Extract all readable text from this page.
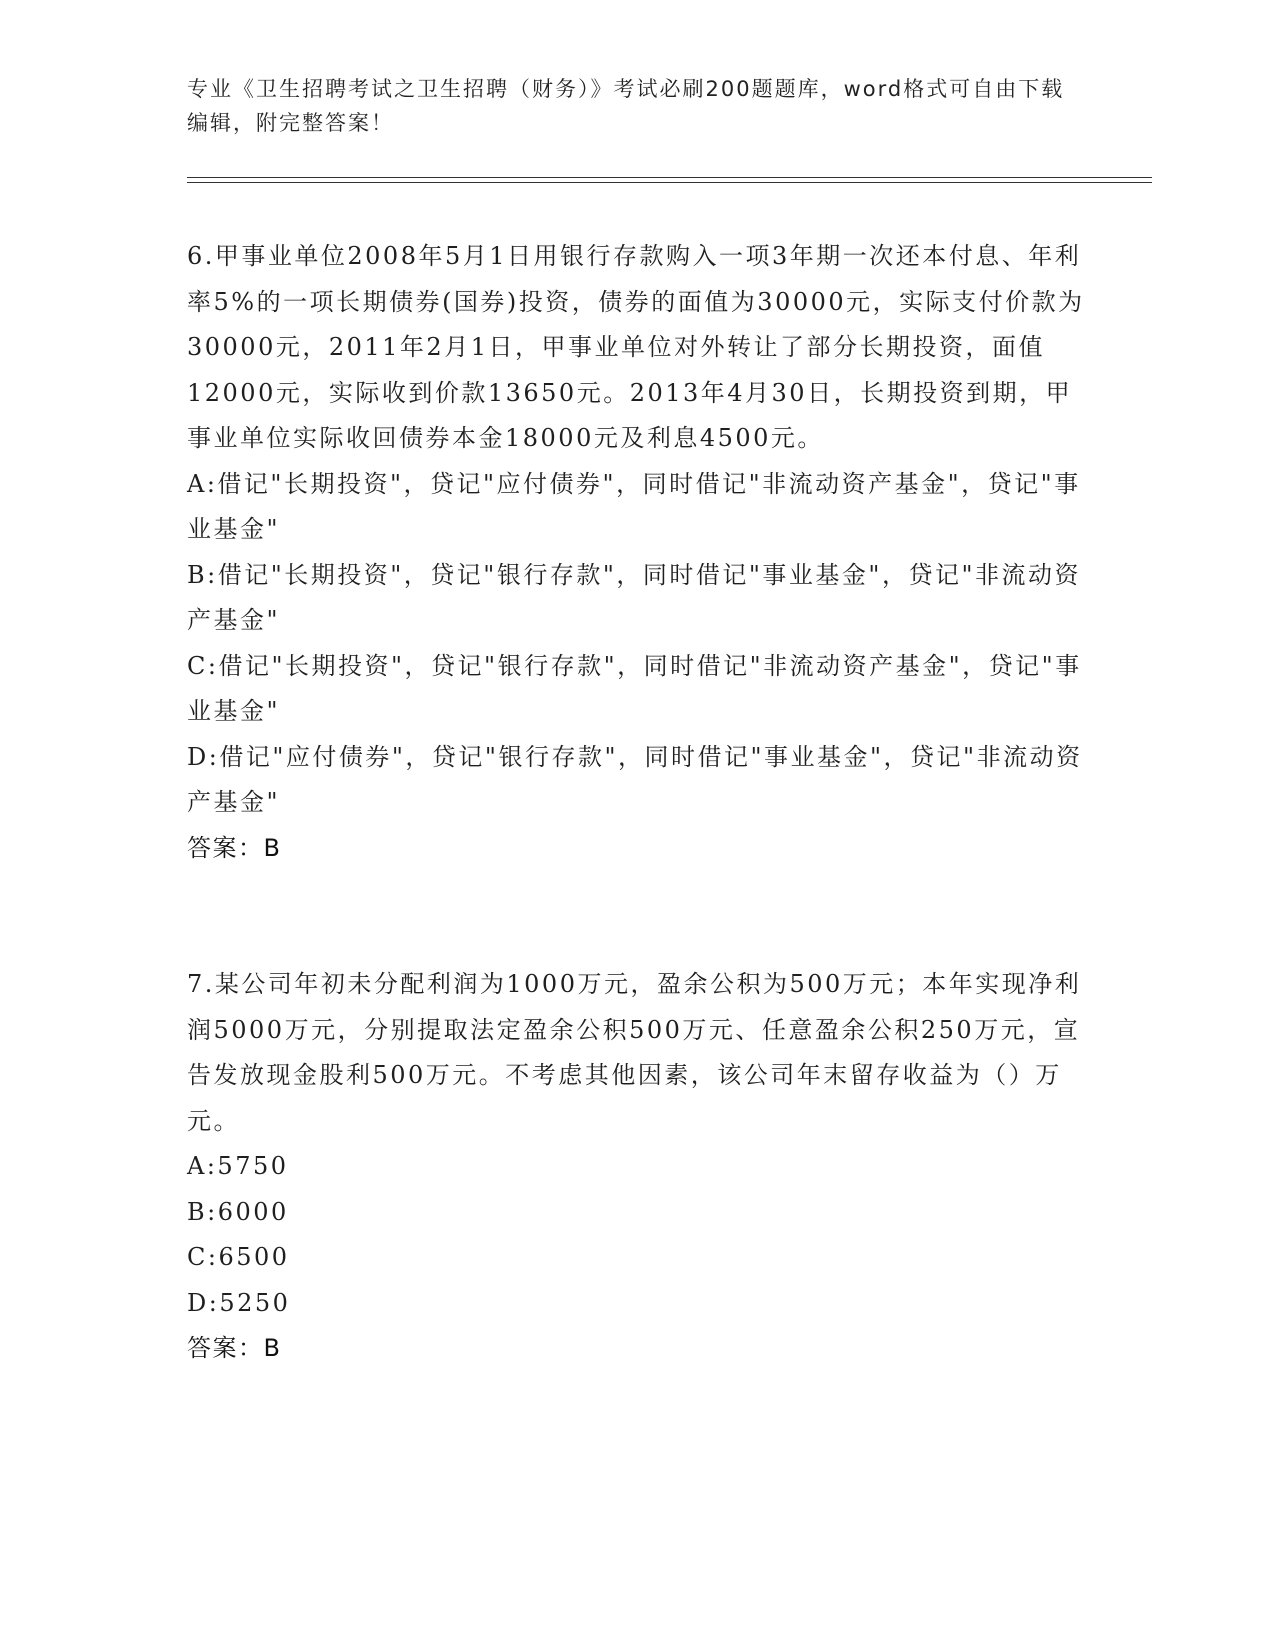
专业《卫生招聘考试之卫生招聘（财务）》考试必刷200题题库，word格式可自由下载编辑，附完整答案！

6.甲事业单位2008年5月1日用银行存款购入一项3年期一次还本付息、年利率5%的一项长期债券(国券)投资，债券的面值为30000元，实际支付价款为30000元，2011年2月1日，甲事业单位对外转让了部分长期投资，面值12000元，实际收到价款13650元。2013年4月30日，长期投资到期，甲事业单位实际收回债券本金18000元及利息4500元。

A:借记"长期投资"，贷记"应付债券"，同时借记"非流动资产基金"，贷记"事业基金"

B:借记"长期投资"，贷记"银行存款"，同时借记"事业基金"，贷记"非流动资产基金"

C:借记"长期投资"，贷记"银行存款"，同时借记"非流动资产基金"，贷记"事业基金"

D:借记"应付债券"，贷记"银行存款"，同时借记"事业基金"，贷记"非流动资产基金"

答案：B

7.某公司年初未分配利润为1000万元，盈余公积为500万元；本年实现净利润5000万元，分别提取法定盈余公积500万元、任意盈余公积250万元，宣告发放现金股利500万元。不考虑其他因素，该公司年末留存收益为（）万元。

A:5750

B:6000

C:6500

D:5250

答案：B
